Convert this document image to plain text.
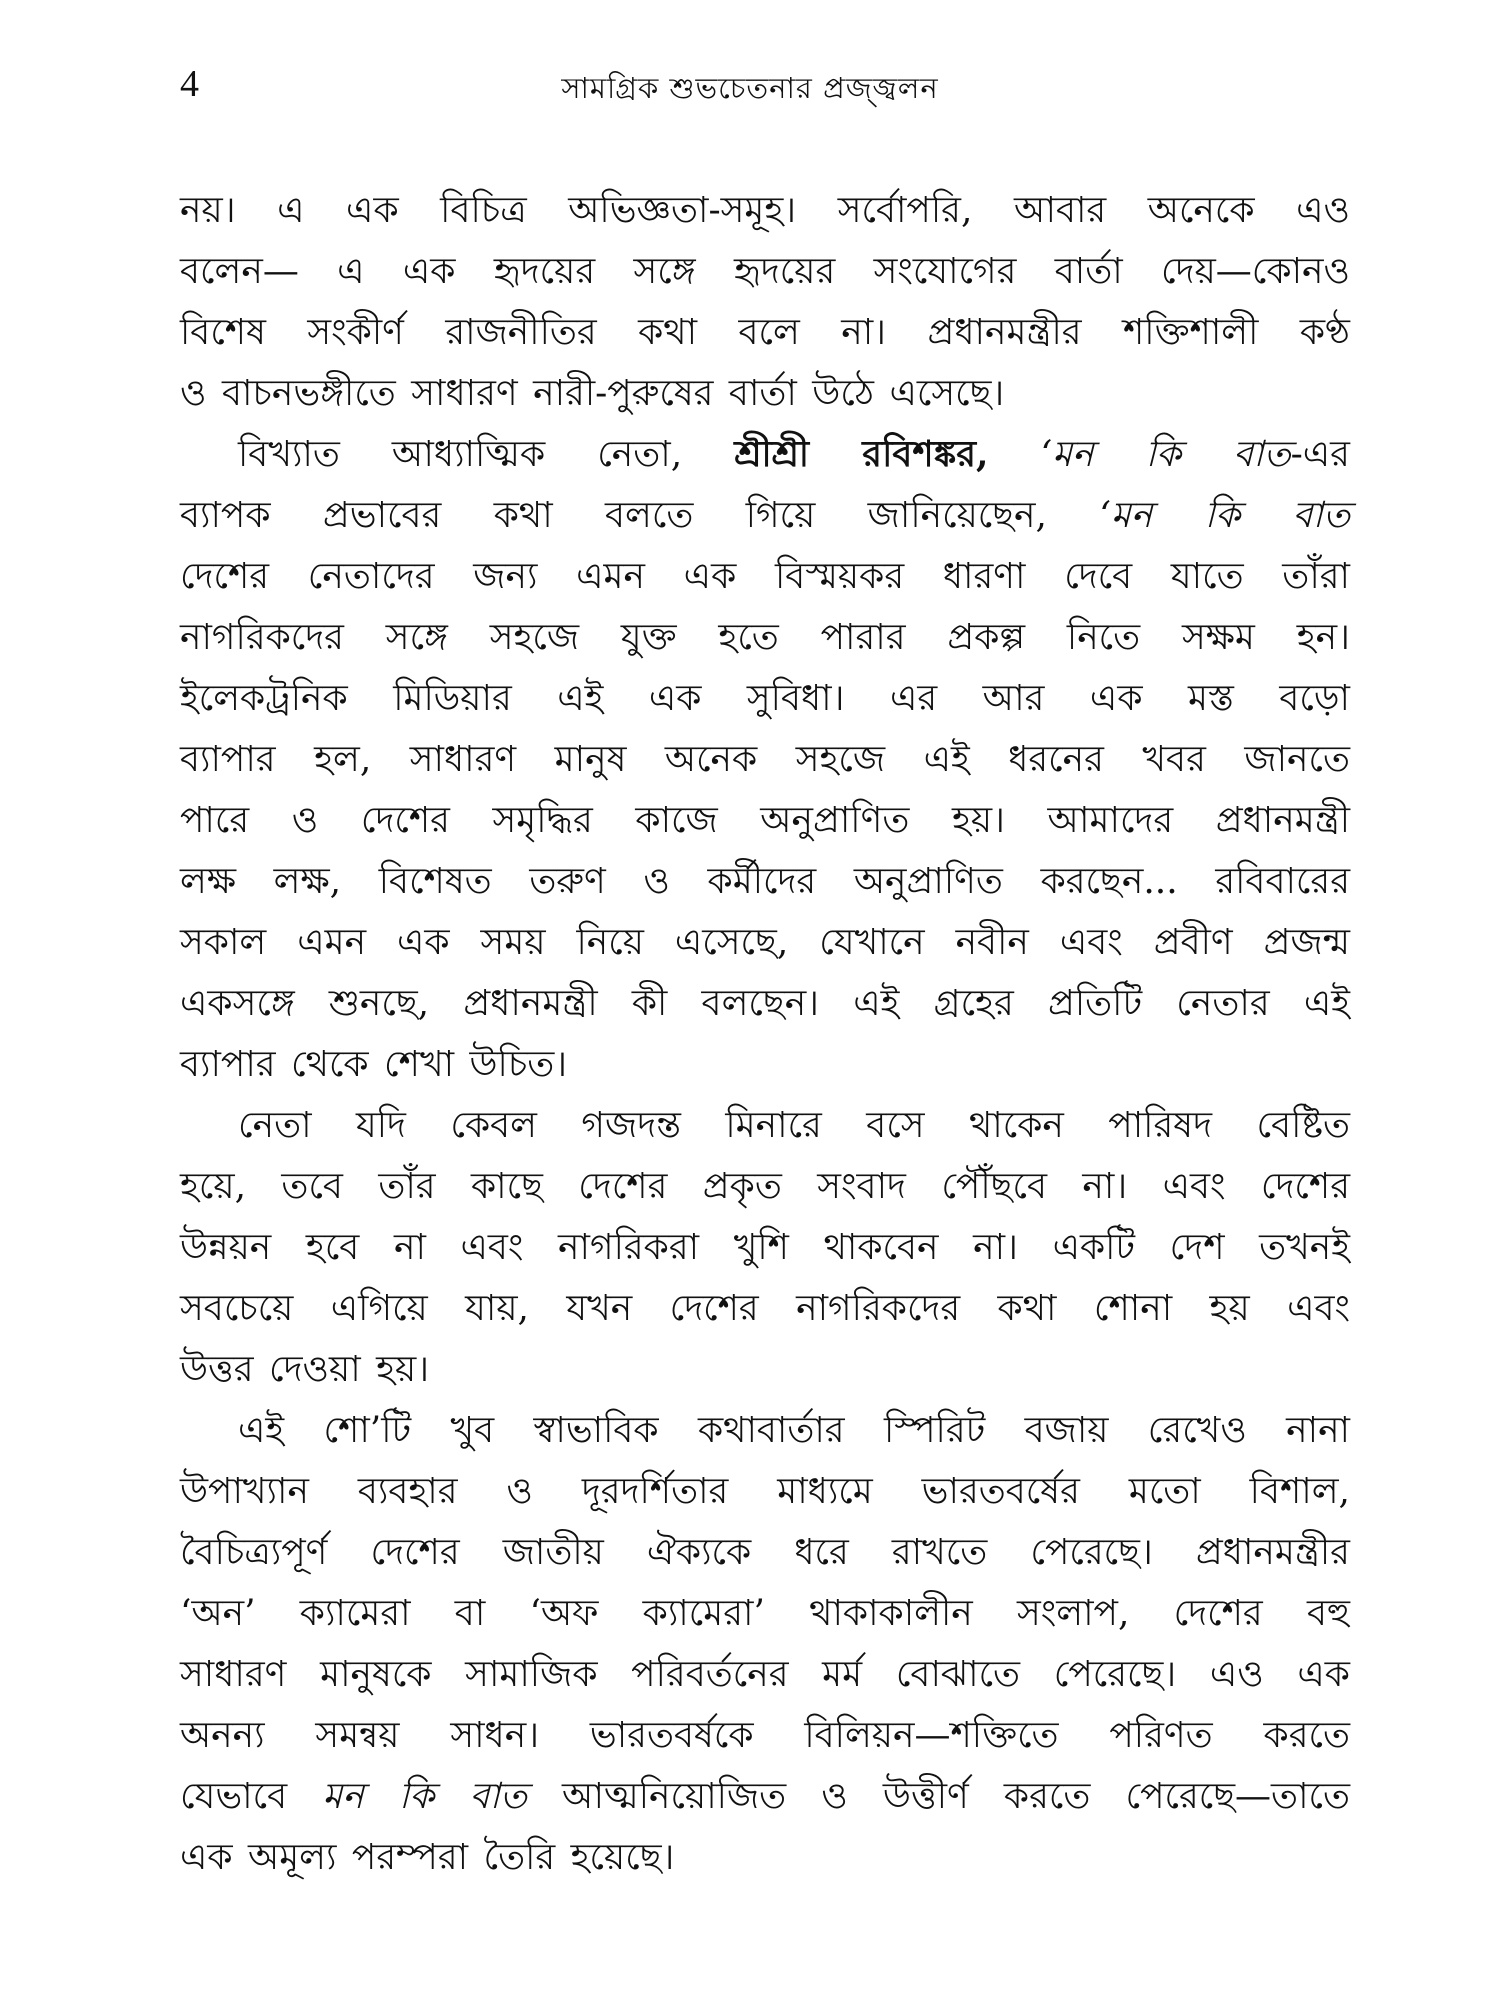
4	সামগ্রিক শুভচেতনার প্রজ্জ্বলন
নয়। এ এক বিচিত্র অভিজ্ঞতা-সমূহ। সর্বোপরি, আবার অনেকে এও
বলেন— এ এক হৃদয়ের সঙ্গে হৃদয়ের সংযোগের বার্তা দেয়—কোনও
বিশেষ সংকীর্ণ রাজনীতির কথা বলে না। প্রধানমন্ত্রীর শক্তিশালী কণ্ঠ
ও বাচনভঙ্গীতে সাধারণ নারী-পুরুষের বার্তা উঠে এসেছে।
বিখ্যাত আধ্যাত্মিক নেতা, শ্রীশ্রী রবিশঙ্কর, ‘মন কি বাত-এর
ব্যাপক প্রভাবের কথা বলতে গিয়ে জানিয়েছেন, ‘মন কি বাত
দেশের নেতাদের জন্য এমন এক বিস্ময়কর ধারণা দেবে যাতে তাঁরা
নাগরিকদের সঙ্গে সহজে যুক্ত হতে পারার প্রকল্প নিতে সক্ষম হন।
ইলেকট্রনিক মিডিয়ার এই এক সুবিধা। এর আর এক মস্ত বড়ো
ব্যাপার হল, সাধারণ মানুষ অনেক সহজে এই ধরনের খবর জানতে
পারে ও দেশের সমৃদ্ধির কাজে অনুপ্রাণিত হয়। আমাদের প্রধানমন্ত্রী
লক্ষ লক্ষ, বিশেষত তরুণ ও কর্মীদের অনুপ্রাণিত করছেন... রবিবারের
সকাল এমন এক সময় নিয়ে এসেছে, যেখানে নবীন এবং প্রবীণ প্রজন্ম
একসঙ্গে শুনছে, প্রধানমন্ত্রী কী বলছেন। এই গ্রহের প্রতিটি নেতার এই
ব্যাপার থেকে শেখা উচিত।
নেতা যদি কেবল গজদন্ত মিনারে বসে থাকেন পারিষদ বেষ্টিত
হয়ে, তবে তাঁর কাছে দেশের প্রকৃত সংবাদ পৌঁছবে না। এবং দেশের
উন্নয়ন হবে না এবং নাগরিকরা খুশি থাকবেন না। একটি দেশ তখনই
সবচেয়ে এগিয়ে যায়, যখন দেশের নাগরিকদের কথা শোনা হয় এবং
উত্তর দেওয়া হয়।
এই শো’টি খুব স্বাভাবিক কথাবার্তার স্পিরিট বজায় রেখেও নানা
উপাখ্যান ব্যবহার ও দূরদর্শিতার মাধ্যমে ভারতবর্ষের মতো বিশাল,
বৈচিত্র্যপূর্ণ দেশের জাতীয় ঐক্যকে ধরে রাখতে পেরেছে। প্রধানমন্ত্রীর
‘অন’ ক্যামেরা বা ‘অফ ক্যামেরা’ থাকাকালীন সংলাপ, দেশের বহু
সাধারণ মানুষকে সামাজিক পরিবর্তনের মর্ম বোঝাতে পেরেছে। এও এক
অনন্য সমন্বয় সাধন। ভারতবর্ষকে বিলিয়ন—শক্তিতে পরিণত করতে
যেভাবে মন কি বাত আত্মনিয়োজিত ও উত্তীর্ণ করতে পেরেছে—তাতে
এক অমূল্য পরম্পরা তৈরি হয়েছে।
